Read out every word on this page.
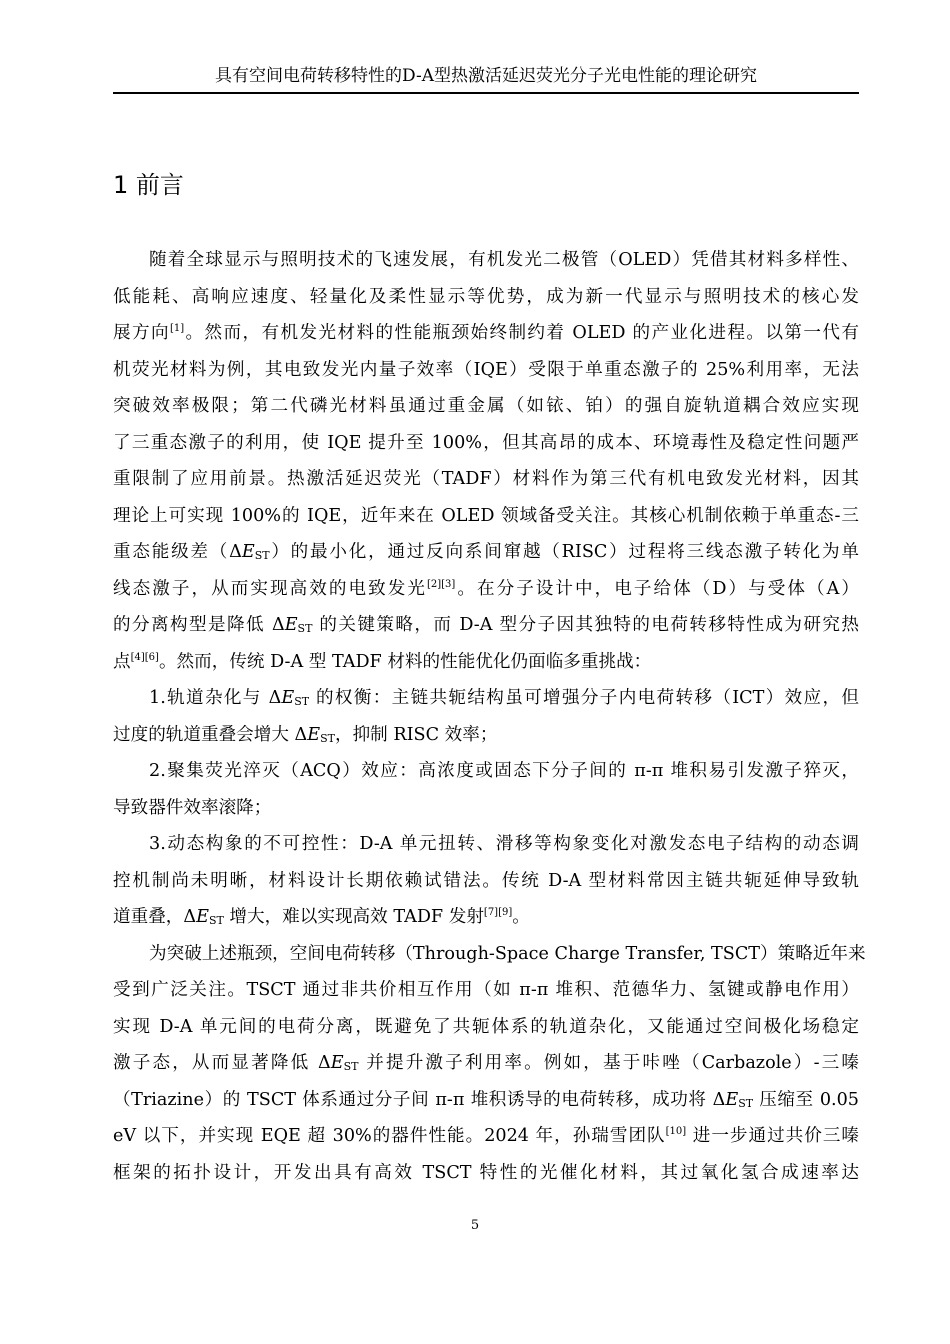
具有空间电荷转移特性的D-A型热激活延迟荧光分子光电性能的理论研究
1 前言
随着全球显示与照明技术的飞速发展，有机发光二极管（OLED）凭借其材料多样性、
低能耗、高响应速度、轻量化及柔性显示等优势，成为新一代显示与照明技术的核心发
展方向[1]。然而，有机发光材料的性能瓶颈始终制约着 OLED 的产业化进程。以第一代有
机荧光材料为例，其电致发光内量子效率（IQE）受限于单重态激子的 25%利用率，无法
突破效率极限；第二代磷光材料虽通过重金属（如铱、铂）的强自旋轨道耦合效应实现
了三重态激子的利用，使 IQE 提升至 100%，但其高昂的成本、环境毒性及稳定性问题严
重限制了应用前景。热激活延迟荧光（TADF）材料作为第三代有机电致发光材料，因其
理论上可实现 100%的 IQE，近年来在 OLED 领域备受关注。其核心机制依赖于单重态-三
重态能级差（ΔEST）的最小化，通过反向系间窜越（RISC）过程将三线态激子转化为单
线态激子，从而实现高效的电致发光[2][3]。在分子设计中，电子给体（D）与受体（A）
的分离构型是降低 ΔEST 的关键策略，而 D-A 型分子因其独特的电荷转移特性成为研究热
点[4][6]。然而，传统 D-A 型 TADF 材料的性能优化仍面临多重挑战：
1.轨道杂化与 ΔEST 的权衡：主链共轭结构虽可增强分子内电荷转移（ICT）效应，但
过度的轨道重叠会增大 ΔEST，抑制 RISC 效率；
2.聚集荧光淬灭（ACQ）效应：高浓度或固态下分子间的 π-π 堆积易引发激子猝灭，
导致器件效率滚降；
3.动态构象的不可控性：D-A 单元扭转、滑移等构象变化对激发态电子结构的动态调
控机制尚未明晰，材料设计长期依赖试错法。传统 D-A 型材料常因主链共轭延伸导致轨
道重叠，ΔEST 增大，难以实现高效 TADF 发射[7][9]。
为突破上述瓶颈，空间电荷转移（Through-Space Charge Transfer, TSCT）策略近年来
受到广泛关注。TSCT 通过非共价相互作用（如 π-π 堆积、范德华力、氢键或静电作用）
实现 D-A 单元间的电荷分离，既避免了共轭体系的轨道杂化，又能通过空间极化场稳定
激子态，从而显著降低 ΔEST 并提升激子利用率。例如，基于咔唑（Carbazole）-三嗪
（Triazine）的 TSCT 体系通过分子间 π-π 堆积诱导的电荷转移，成功将 ΔEST 压缩至 0.05
eV 以下，并实现 EQE 超 30%的器件性能。2024 年，孙瑞雪团队[10] 进一步通过共价三嗪
框架的拓扑设计，开发出具有高效 TSCT 特性的光催化材料，其过氧化氢合成速率达
5
